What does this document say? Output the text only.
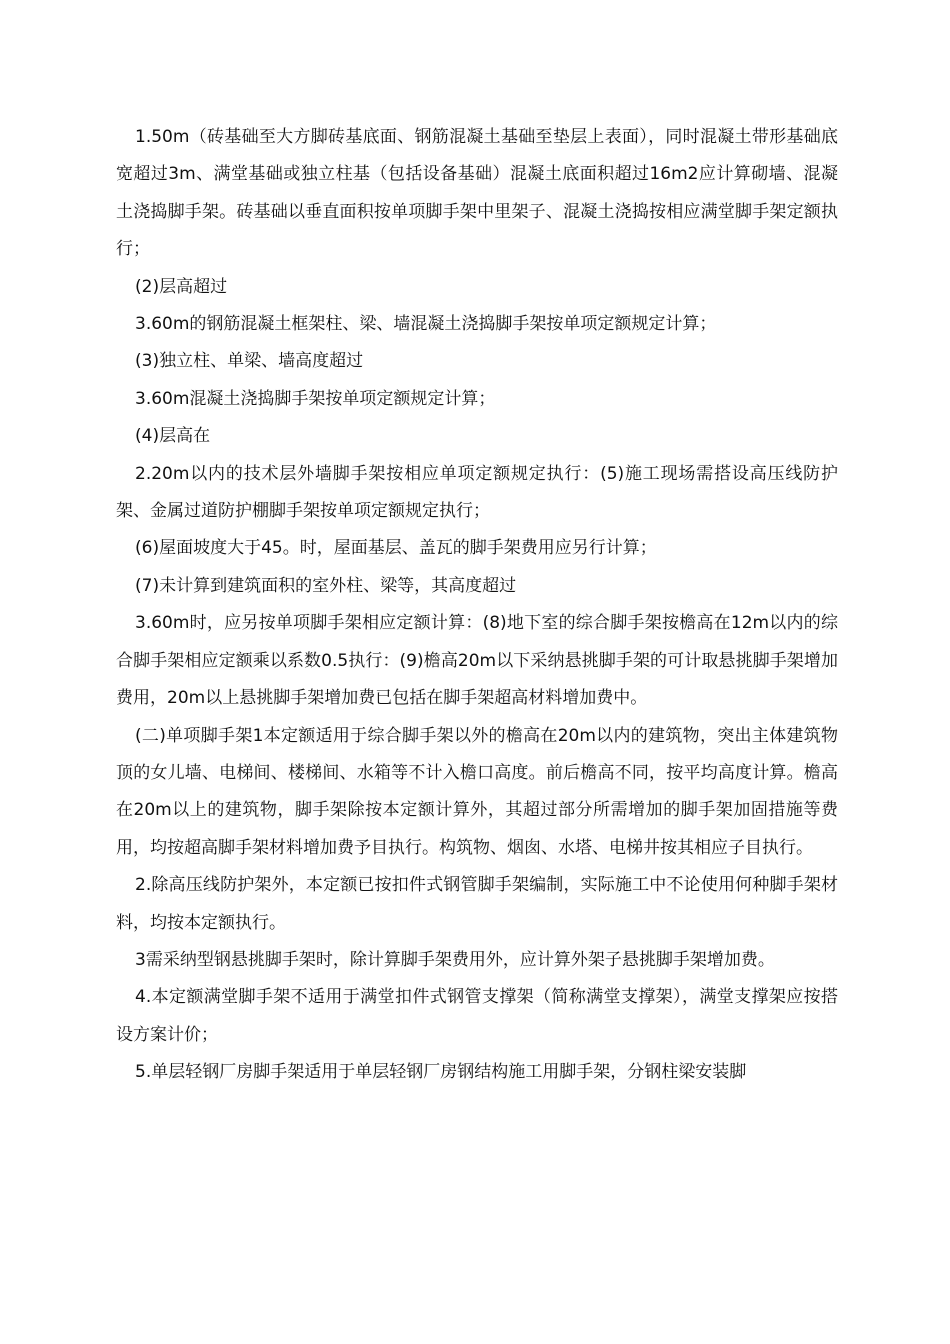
1.50m（砖基础至大方脚砖基底面、钢筋混凝土基础至垫层上表面），同时混凝土带形基础底宽超过3m、满堂基础或独立柱基（包括设备基础）混凝土底面积超过16m2应计算砌墙、混凝土浇捣脚手架。砖基础以垂直面积按单项脚手架中里架子、混凝土浇捣按相应满堂脚手架定额执行；

(2)层高超过

3.60m的钢筋混凝土框架柱、梁、墙混凝土浇捣脚手架按单项定额规定计算；

(3)独立柱、单梁、墙高度超过

3.60m混凝土浇捣脚手架按单项定额规定计算；

(4)层高在

2.20m以内的技术层外墙脚手架按相应单项定额规定执行：(5)施工现场需搭设高压线防护架、金属过道防护棚脚手架按单项定额规定执行；

(6)屋面坡度大于45。时，屋面基层、盖瓦的脚手架费用应另行计算；

(7)未计算到建筑面积的室外柱、梁等，其高度超过

3.60m时，应另按单项脚手架相应定额计算：(8)地下室的综合脚手架按檐高在12m以内的综合脚手架相应定额乘以系数0.5执行：(9)檐高20m以下采纳悬挑脚手架的可计取悬挑脚手架增加费用，20m以上悬挑脚手架增加费已包括在脚手架超高材料增加费中。

(二)单项脚手架1本定额适用于综合脚手架以外的檐高在20m以内的建筑物，突出主体建筑物顶的女儿墙、电梯间、楼梯间、水箱等不计入檐口高度。前后檐高不同，按平均高度计算。檐高在20m以上的建筑物，脚手架除按本定额计算外，其超过部分所需增加的脚手架加固措施等费用，均按超高脚手架材料增加费予目执行。构筑物、烟囱、水塔、电梯井按其相应子目执行。

2.除高压线防护架外，本定额已按扣件式钢管脚手架编制，实际施工中不论使用何种脚手架材料，均按本定额执行。

3需采纳型钢悬挑脚手架时，除计算脚手架费用外，应计算外架子悬挑脚手架增加费。

4.本定额满堂脚手架不适用于满堂扣件式钢管支撑架（简称满堂支撑架），满堂支撑架应按搭设方案计价；

5.单层轻钢厂房脚手架适用于单层轻钢厂房钢结构施工用脚手架，分钢柱梁安装脚
